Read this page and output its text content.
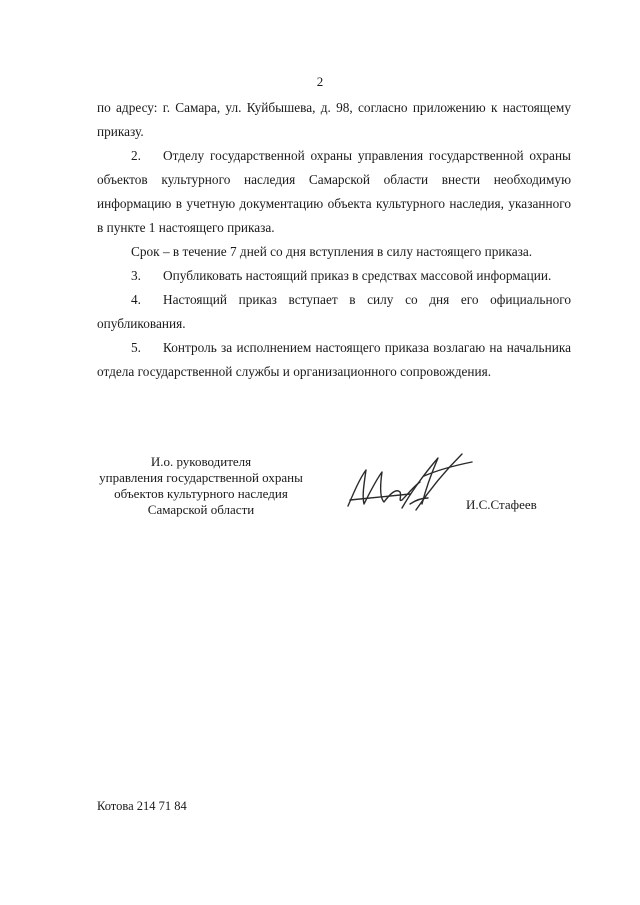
2

по адресу: г. Самара, ул. Куйбышева, д. 98, согласно приложению к настоящему приказу.

2. Отделу государственной охраны управления государственной охраны объектов культурного наследия Самарской области внести необходимую информацию в учетную документацию объекта культурного наследия, указанного в пункте 1 настоящего приказа.

Срок – в течение 7 дней со дня вступления в силу настоящего приказа.

3. Опубликовать настоящий приказ в средствах массовой информации.

4. Настоящий приказ вступает в силу со дня его официального опубликования.

5. Контроль за исполнением настоящего приказа возлагаю на начальника отдела государственной службы и организационного сопровождения.

И.о. руководителя
управления государственной охраны
объектов культурного наследия
Самарской области	И.С.Стафеев
Котова 214 71 84
